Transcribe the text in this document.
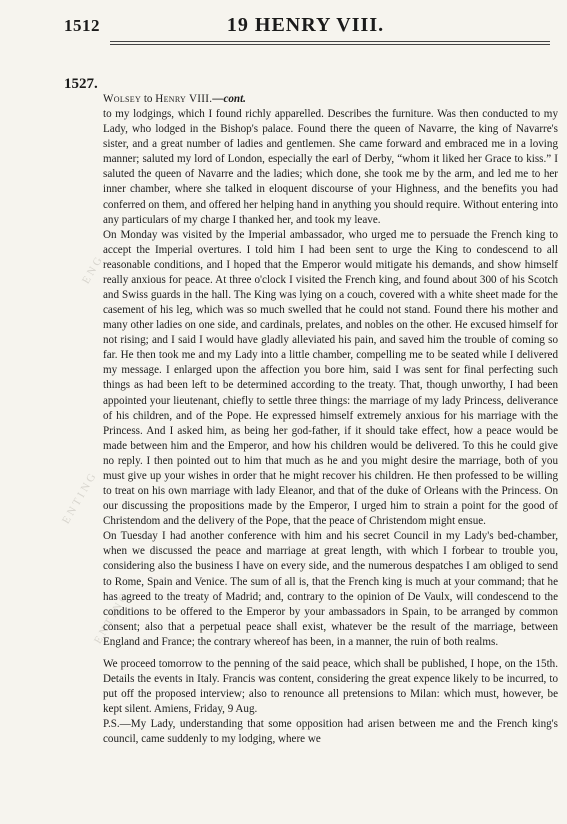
ENG
ENTING
ENTING
1512	19 HENRY VIII.
1527.

Wolsey to Henry VIII.—cont.

to my lodgings, which I found richly apparelled. Describes the furniture. Was then conducted to my Lady, who lodged in the Bishop's palace. Found there the queen of Navarre, the king of Navarre's sister, and a great number of ladies and gentlemen. She came forward and embraced me in a loving manner; saluted my lord of London, especially the earl of Derby, “whom it liked her Grace to kiss.” I saluted the queen of Navarre and the ladies; which done, she took me by the arm, and led me to her inner chamber, where she talked in eloquent discourse of your Highness, and the benefits you had conferred on them, and offered her helping hand in anything you should require. Without entering into any particulars of my charge I thanked her, and took my leave.

On Monday was visited by the Imperial ambassador, who urged me to persuade the French king to accept the Imperial overtures. I told him I had been sent to urge the King to condescend to all reasonable conditions, and I hoped that the Emperor would mitigate his demands, and show himself really anxious for peace. At three o'clock I visited the French king, and found about 300 of his Scotch and Swiss guards in the hall. The King was lying on a couch, covered with a white sheet made for the casement of his leg, which was so much swelled that he could not stand. Found there his mother and many other ladies on one side, and cardinals, prelates, and nobles on the other. He excused himself for not rising; and I said I would have gladly alleviated his pain, and saved him the trouble of coming so far. He then took me and my Lady into a little chamber, compelling me to be seated while I delivered my message. I enlarged upon the affection you bore him, said I was sent for final perfecting such things as had been left to be determined according to the treaty. That, though unworthy, I had been appointed your lieutenant, chiefly to settle three things: the marriage of my lady Princess, deliverance of his children, and of the Pope. He expressed himself extremely anxious for his marriage with the Princess. And I asked him, as being her god-father, if it should take effect, how a peace would be made between him and the Emperor, and how his children would be delivered. To this he could give no reply. I then pointed out to him that much as he and you might desire the marriage, both of you must give up your wishes in order that he might recover his children. He then professed to be willing to treat on his own marriage with lady Eleanor, and that of the duke of Orleans with the Princess. On our discussing the propositions made by the Emperor, I urged him to strain a point for the good of Christendom and the delivery of the Pope, that the peace of Christendom might ensue.

On Tuesday I had another conference with him and his secret Council in my Lady's bed-chamber, when we discussed the peace and marriage at great length, with which I forbear to trouble you, considering also the business I have on every side, and the numerous despatches I am obliged to send to Rome, Spain and Venice. The sum of all is, that the French king is much at your command; that he has agreed to the treaty of Madrid; and, contrary to the opinion of De Vaulx, will condescend to the conditions to be offered to the Emperor by your ambassadors in Spain, to be arranged by common consent; also that a perpetual peace shall exist, whatever be the result of the marriage, between England and France; the contrary whereof has been, in a manner, the ruin of both realms.

We proceed tomorrow to the penning of the said peace, which shall be published, I hope, on the 15th. Details the events in Italy. Francis was content, considering the great expence likely to be incurred, to put off the proposed interview; also to renounce all pretensions to Milan: which must, however, be kept silent. Amiens, Friday, 9 Aug.

P.S.—My Lady, understanding that some opposition had arisen between me and the French king's council, came suddenly to my lodging, where we
